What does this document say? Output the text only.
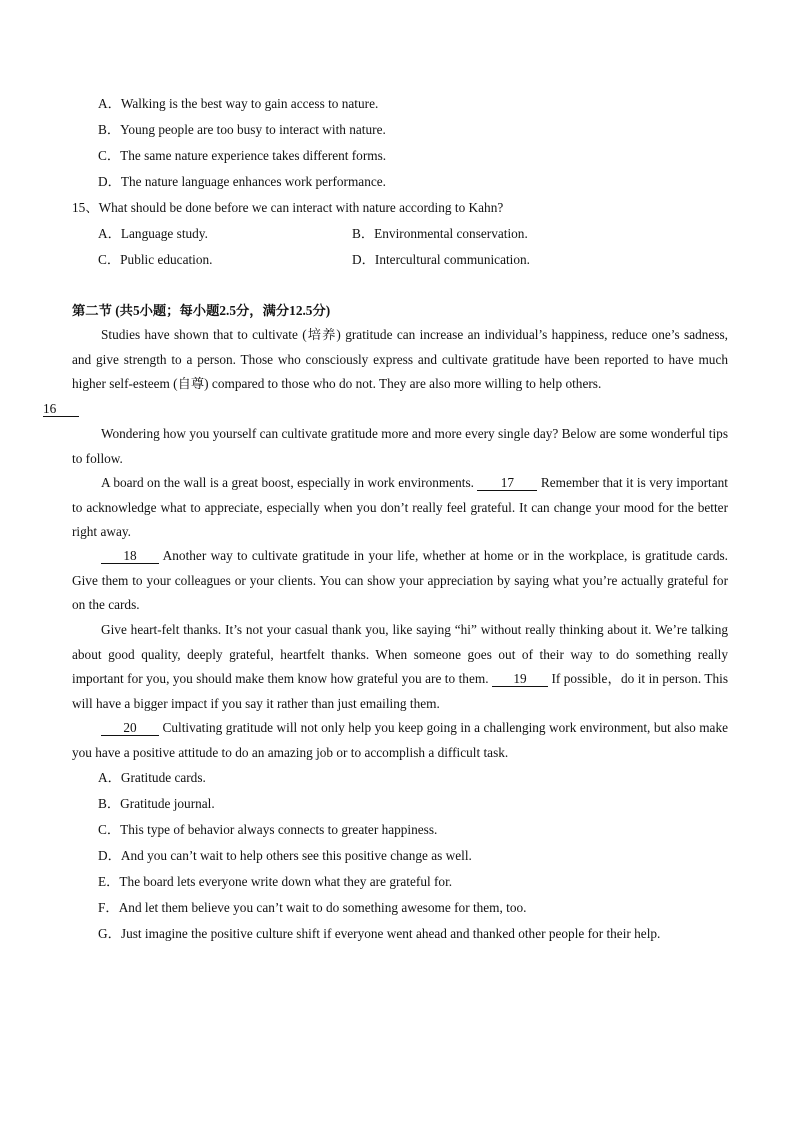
A．Walking is the best way to gain access to nature.
B．Young people are too busy to interact with nature.
C．The same nature experience takes different forms.
D．The nature language enhances work performance.
15、What should be done before we can interact with nature according to Kahn?
A．Language study.	B．Environmental conservation.
C．Public education.	D．Intercultural communication.
第二节 (共5小题；每小题2.5分，满分12.5分)
Studies have shown that to cultivate (培养) gratitude can increase an individual’s happiness, reduce one’s sadness, and give strength to a person. Those who consciously express and cultivate gratitude have been reported to have much higher self-esteem (自尊) compared to those who do not. They are also more willing to help others.
16
Wondering how you yourself can cultivate gratitude more and more every single day? Below are some wonderful tips to follow.
A board on the wall is a great boost, especially in work environments. 17 Remember that it is very important to acknowledge what to appreciate, especially when you don’t really feel grateful. It can change your mood for the better right away.
18 Another way to cultivate gratitude in your life, whether at home or in the workplace, is gratitude cards. Give them to your colleagues or your clients. You can show your appreciation by saying what you’re actually grateful for on the cards.
Give heart-felt thanks. It’s not your casual thank you, like saying “hi” without really thinking about it. We’re talking about good quality, deeply grateful, heartfelt thanks. When someone goes out of their way to do something really important for you, you should make them know how grateful you are to them. 19 If possible，do it in person. This will have a bigger impact if you say it rather than just emailing them.
20 Cultivating gratitude will not only help you keep going in a challenging work environment, but also make you have a positive attitude to do an amazing job or to accomplish a difficult task.
A．Gratitude cards.
B．Gratitude journal.
C．This type of behavior always connects to greater happiness.
D．And you can’t wait to help others see this positive change as well.
E．The board lets everyone write down what they are grateful for.
F．And let them believe you can’t wait to do something awesome for them, too.
G．Just imagine the positive culture shift if everyone went ahead and thanked other people for their help.
